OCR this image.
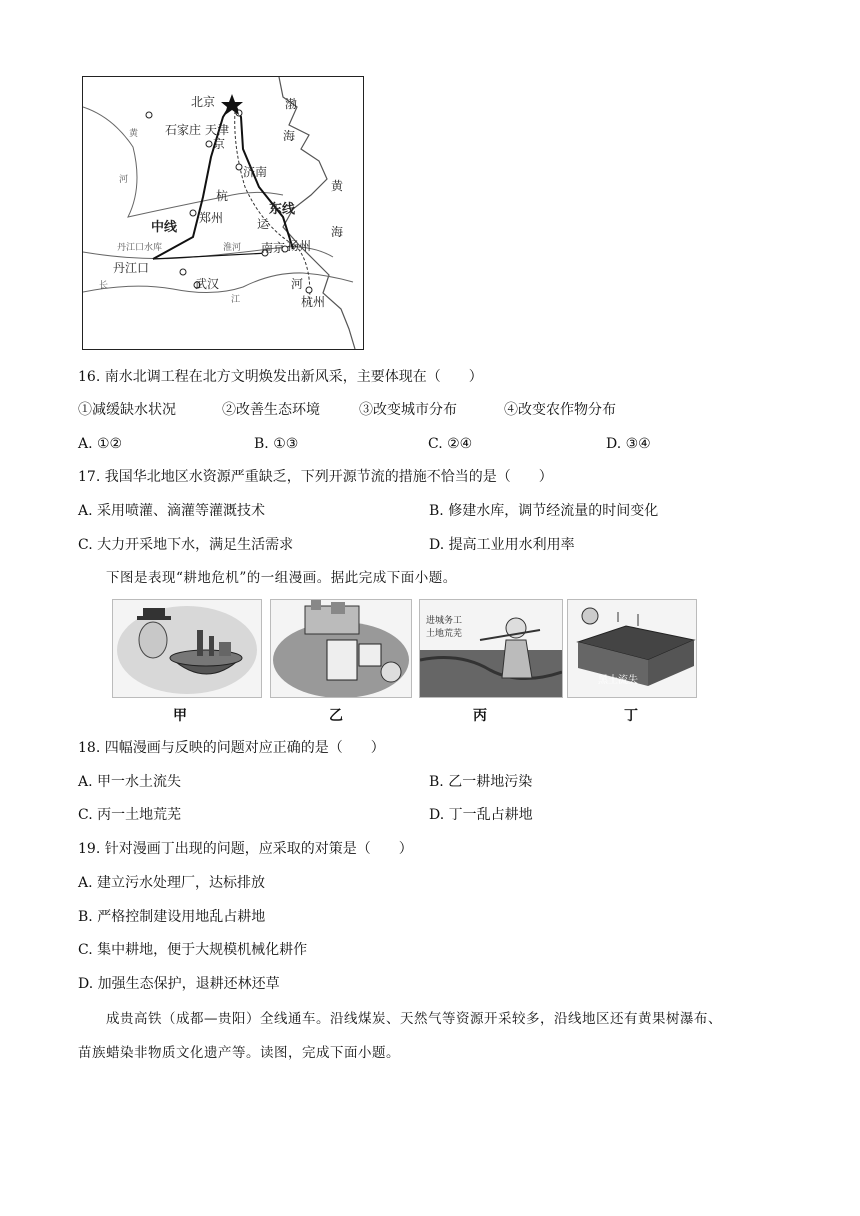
北京
天津
石家庄
京
济南
杭
郑州	运
东线
中线
丹江口水库
丹江口
淮河 南京 扬州
武汉	河
杭州
长
江
黄
河
渤
海
黄
海
16. 南水北调工程在北方文明焕发出新风采，主要体现在（　　）
①减缓缺水状况	②改善生态环境	③改变城市分布	④改变农作物分布
A. ①②	B. ①③	C. ②④	D. ③④
17. 我国华北地区水资源严重缺乏，下列开源节流的措施不恰当的是（　　）
A. 采用喷灌、滴灌等灌溉技术	B. 修建水库，调节经流量的时间变化
C. 大力开采地下水，满足生活需求	D. 提高工业用水利用率
下图是表现“耕地危机”的一组漫画。据此完成下面小题。
进城务工
土地荒芜
黑土流失
甲	乙	丙	丁
18. 四幅漫画与反映的问题对应正确的是（　　）
A. 甲一水土流失	B. 乙一耕地污染
C. 丙一土地荒芜	D. 丁一乱占耕地
19. 针对漫画丁出现的问题，应采取的对策是（　　）
A. 建立污水处理厂，达标排放
B. 严格控制建设用地乱占耕地
C. 集中耕地，便于大规模机械化耕作
D. 加强生态保护，退耕还林还草
成贵高铁（成都—贵阳）全线通车。沿线煤炭、天然气等资源开采较多，沿线地区还有黄果树瀑布、
苗族蜡染非物质文化遗产等。读图，完成下面小题。
